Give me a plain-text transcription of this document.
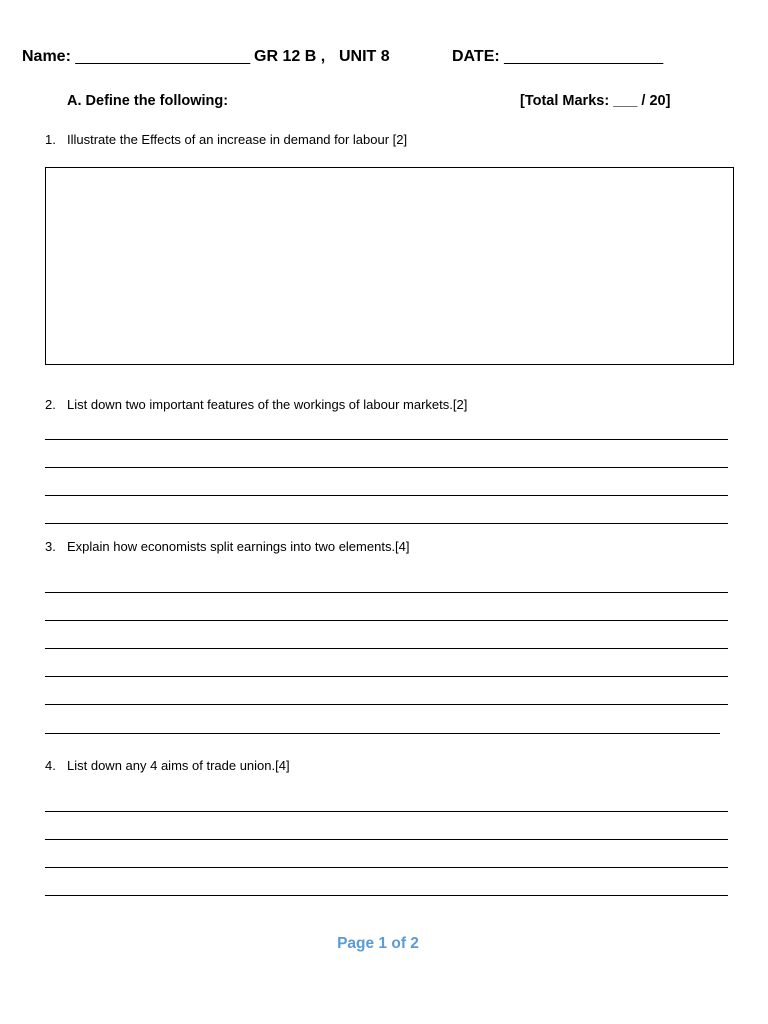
Name: ______________________ GR 12 B , UNIT 8	DATE: ____________________
A. Define the following:	[Total Marks: ___ / 20]
1. Illustrate the Effects of an increase in demand for labour [2]
2. List down two important features of the workings of labour markets.[2]
3. Explain how economists split earnings into two elements.[4]
4. List down any 4 aims of trade union.[4]
Page 1 of 2
